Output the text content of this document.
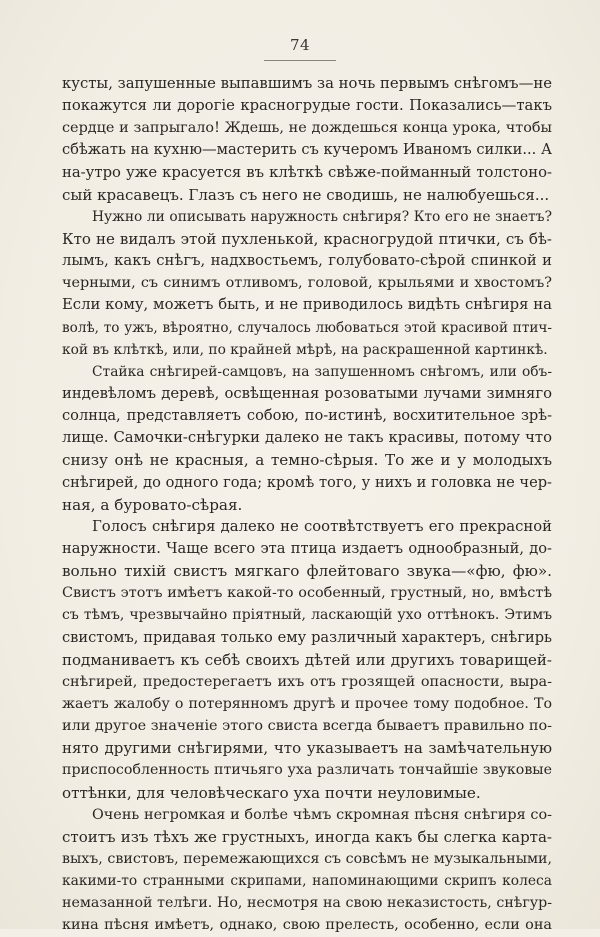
74
кусты, запушенные выпавшимъ за ночь первымъ снѣгомъ—не
покажутся ли дорогіе красногрудые гости. Показались—такъ
сердце и запрыгало! Ждешь, не дождешься конца урока, чтобы
сбѣжать на кухню—мастерить съ кучеромъ Иваномъ силки... А
на-утро уже красуется въ клѣткѣ свѣже-пойманный толстоно-
сый красавецъ. Глазъ съ него не сводишь, не налюбуешься...
Нужно ли описывать наружность снѣгиря? Кто его не знаетъ?
Кто не видалъ этой пухленькой, красногрудой птички, съ бѣ-
лымъ, какъ снѣгъ, надхвостьемъ, голубовато-сѣрой спинкой и
черными, съ синимъ отливомъ, головой, крыльями и хвостомъ?
Если кому, можетъ быть, и не приводилось видѣть снѣгиря на
волѣ, то ужъ, вѣроятно, случалось любоваться этой красивой птич-
кой въ клѣткѣ, или, по крайней мѣрѣ, на раскрашенной картинкѣ.
Стайка снѣгирей-самцовъ, на запушенномъ снѣгомъ, или объ-
индевѣломъ деревѣ, освѣщенная розоватыми лучами зимняго
солнца, представляетъ собою, по-истинѣ, восхитительное зрѣ-
лище. Самочки-снѣгурки далеко не такъ красивы, потому что
снизу онѣ не красныя, а темно-сѣрыя. То же и у молодыхъ
снѣгирей, до одного года; кромѣ того, у нихъ и головка не чер-
ная, а буровато-сѣрая.
Голосъ снѣгиря далеко не соотвѣтствуетъ его прекрасной
наружности. Чаще всего эта птица издаетъ однообразный, до-
вольно тихій свистъ мягкаго флейтоваго звука—«фю, фю».
Свистъ этотъ имѣетъ какой-то особенный, грустный, но, вмѣстѣ
съ тѣмъ, чрезвычайно пріятный, ласкающій ухо оттѣнокъ. Этимъ
свистомъ, придавая только ему различный характеръ, снѣгирь
подманиваетъ къ себѣ своихъ дѣтей или другихъ товарищей-
снѣгирей, предостерегаетъ ихъ отъ грозящей опасности, выра-
жаетъ жалобу о потерянномъ другѣ и прочее тому подобное. То
или другое значеніе этого свиста всегда бываетъ правильно по-
нято другими снѣгирями, что указываетъ на замѣчательную
приспособленность птичьяго уха различать тончайшіе звуковые
оттѣнки, для человѣческаго уха почти неуловимые.
Очень негромкая и болѣе чѣмъ скромная пѣсня снѣгиря со-
стоитъ изъ тѣхъ же грустныхъ, иногда какъ бы слегка карта-
выхъ, свистовъ, перемежающихся съ совсѣмъ не музыкальными,
какими-то странными скрипами, напоминающими скрипъ колеса
немазанной телѣги. Но, несмотря на свою неказистость, снѣгур-
кина пѣсня имѣетъ, однако, свою прелесть, особенно, если она
